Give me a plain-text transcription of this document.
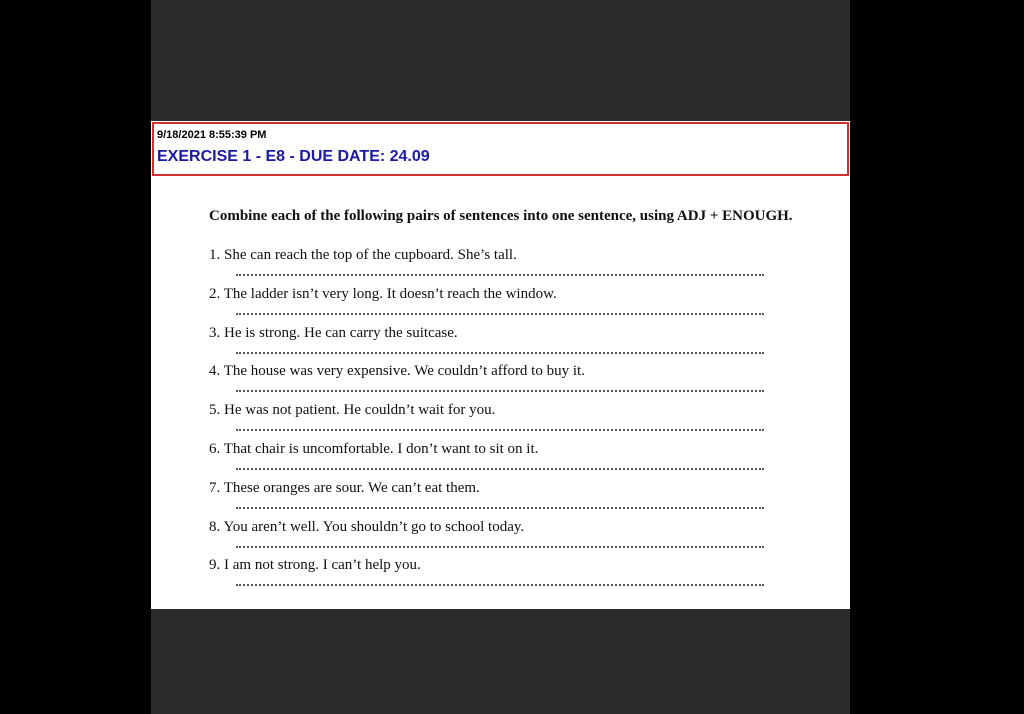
9/18/2021 8:55:39 PM
EXERCISE 1 - E8 - DUE DATE: 24.09
Combine each of the following pairs of sentences into one sentence, using ADJ + ENOUGH.
1. She can reach the top of the cupboard. She’s tall.
2. The ladder isn’t very long. It doesn’t reach the window.
3. He is strong. He can carry the suitcase.
4. The house was very expensive. We couldn’t afford to buy it.
5. He was not patient. He couldn’t wait for you.
6. That chair is uncomfortable. I don’t want to sit on it.
7. These oranges are sour. We can’t eat them.
8. You aren’t well. You shouldn’t go to school today.
9. I am not strong. I can’t help you.
